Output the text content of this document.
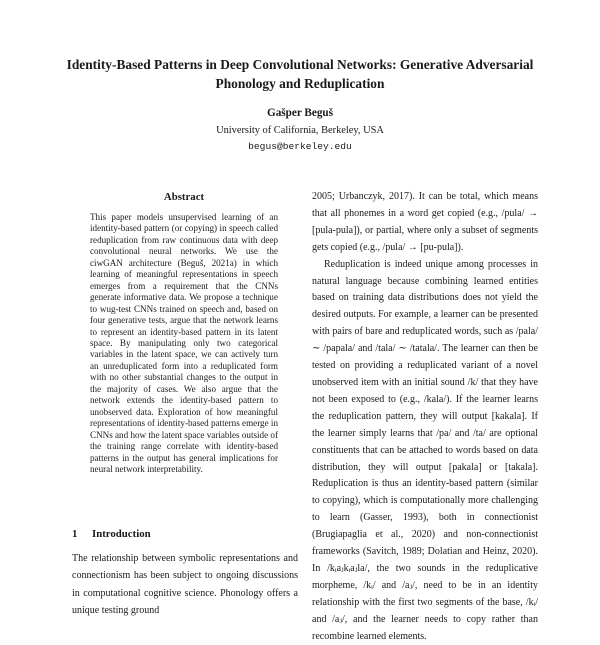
Identity-Based Patterns in Deep Convolutional Networks: Generative Adversarial Phonology and Reduplication
Gašper Beguš
University of California, Berkeley, USA
begus@berkeley.edu
Abstract
This paper models unsupervised learning of an identity-based pattern (or copying) in speech called reduplication from raw continuous data with deep convolutional neural networks. We use the ciwGAN architecture (Beguš, 2021a) in which learning of meaningful representations in speech emerges from a requirement that the CNNs generate informative data. We propose a technique to wug-test CNNs trained on speech and, based on four generative tests, argue that the network learns to represent an identity-based pattern in its latent space. By manipulating only two categorical variables in the latent space, we can actively turn an unreduplicated form into a reduplicated form with no other substantial changes to the output in the majority of cases. We also argue that the network extends the identity-based pattern to unobserved data. Exploration of how meaningful representations of identity-based patterns emerge in CNNs and how the latent space variables outside of the training range correlate with identity-based patterns in the output has general implications for neural network interpretability.
1 Introduction
The relationship between symbolic representations and connectionism has been subject to ongoing discussions in computational cognitive science. Phonology offers a unique testing ground

2005; Urbanczyk, 2017). It can be total, which means that all phonemes in a word get copied (e.g., /pula/ → [pula-pula]), or partial, where only a subset of segments gets copied (e.g., /pula/ → [pu-pula]).

Reduplication is indeed unique among processes in natural language because combining learned entities based on training data distributions does not yield the desired outputs. For example, a learner can be presented with pairs of bare and reduplicated words, such as /pala/ ∼ /papala/ and /tala/ ∼ /tatala/. The learner can then be tested on providing a reduplicated variant of a novel unobserved item with an initial sound /k/ that they have not been exposed to (e.g., /kala/). If the learner learns the reduplication pattern, they will output [kakala]. If the learner simply learns that /pa/ and /ta/ are optional constituents that can be attached to words based on data distribution, they will output [pakala] or [takala]. Reduplication is thus an identity-based pattern (similar to copying), which is computationally more challenging to learn (Gasser, 1993), both in connectionist (Brugiapaglia et al., 2020) and non-connectionist frameworks (Savitch, 1989; Dolatian and Heinz, 2020). In /kᵢaⱼkᵢaⱼla/, the two sounds in the reduplicative morpheme, /kᵢ/ and /aⱼ/, need to be in an identity relationship with the first two segments of the base, /kᵢ/ and /aⱼ/, and the learner needs to copy rather than recombine learned elements.
